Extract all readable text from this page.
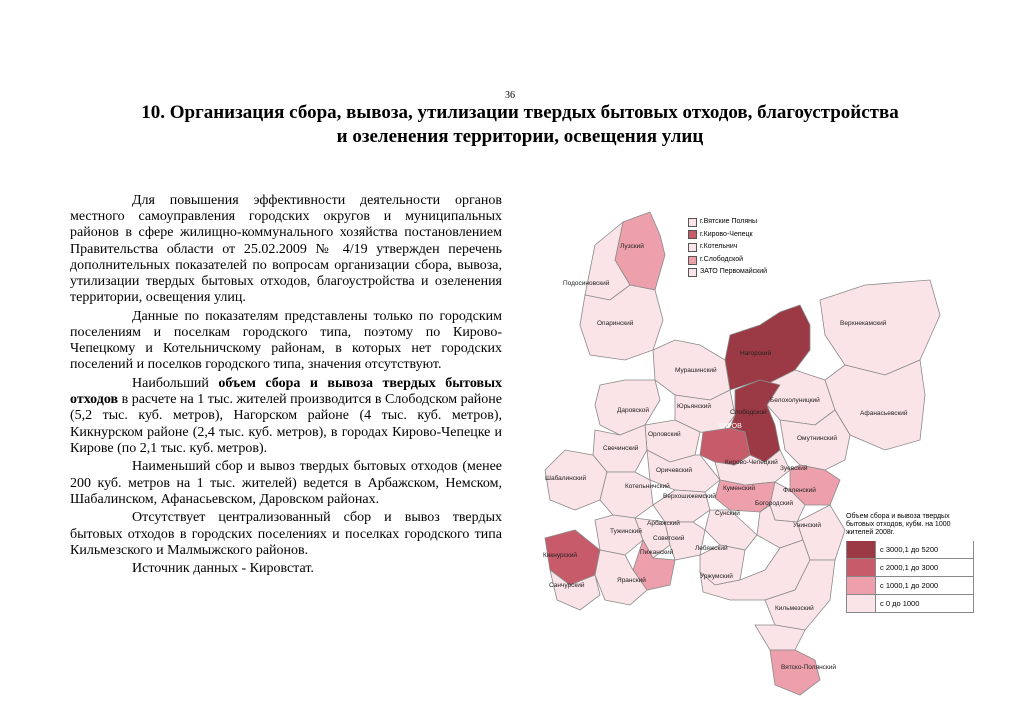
36
10. Организация сбора, вывоза, утилизации твердых бытовых отходов, благоустройства
и озеленения территории, освещения улиц

Для повышения эффективности деятельности органов местного самоуправления городских округов и муниципальных районов в сфере жилищно-коммунального хозяйства постановлением Правительства области от 25.02.2009 № 4/19 утвержден перечень дополнительных показателей по вопросам организации сбора, вывоза, утилизации твердых бытовых отходов, благоустройства и озеленения территории, освещения улиц.

Данные по показателям представлены только по городским поселениям и поселкам городского типа, поэтому по Кирово-Чепецкому и Котельничскому районам, в которых нет городских поселений и поселков городского типа, значения отсутствуют.

Наибольший объем сбора и вывоза твердых бытовых отходов в расчете на 1 тыс. жителей производится в Слободском районе (5,2 тыс. куб. метров), Нагорском районе (4 тыс. куб. метров), Кикнурском районе (2,4 тыс. куб. метров), в городах Кирово-Чепецке и Кирове (по 2,1 тыс. куб. метров).

Наименьший сбор и вывоз твердых бытовых отходов (менее 200 куб. метров на 1 тыс. жителей) ведется в Арбажском, Немском, Шабалинском, Афанасьевском, Даровском районах.

Отсутствует централизованный сбор и вывоз твердых бытовых отходов в городских поселениях и поселках городского типа Кильмезского и Малмыжского районов.

Источник данных - Кировстат.

Лузский
Подосиновский
Опаринский	Верхнекамский
Нагорский
Мурашинский
Белохолуницкий
Афанасьевский
Даровской
Юрьянский
Слободской
Омутнинский
Орловский
КИРОВ
Свечинский
Шабалинский
Кирово-Чепецкий
Зуевский
Оричевский
Котельничский
Верхошижемский
Куменский	Фаленский
Богородский
Тужинский
Сунский
Унинский
Арбажский
Советский
Лебяжский
Кикнурский	Пижанский
Уржумский
Санчурский
Яранский
Кильмезский
Вятско-Полянский
г.Вятские Поляны
г.Кирово-Чепецк
г.Котельнич
г.Слободской
ЗАТО Первомайский
Объем сбора и вывоза твердых бытовых отходов, кубм. на 1000 жителей 2008г.
с 3000,1 до 5200
с 2000,1 до 3000
с 1000,1 до 2000
с 0 до 1000
